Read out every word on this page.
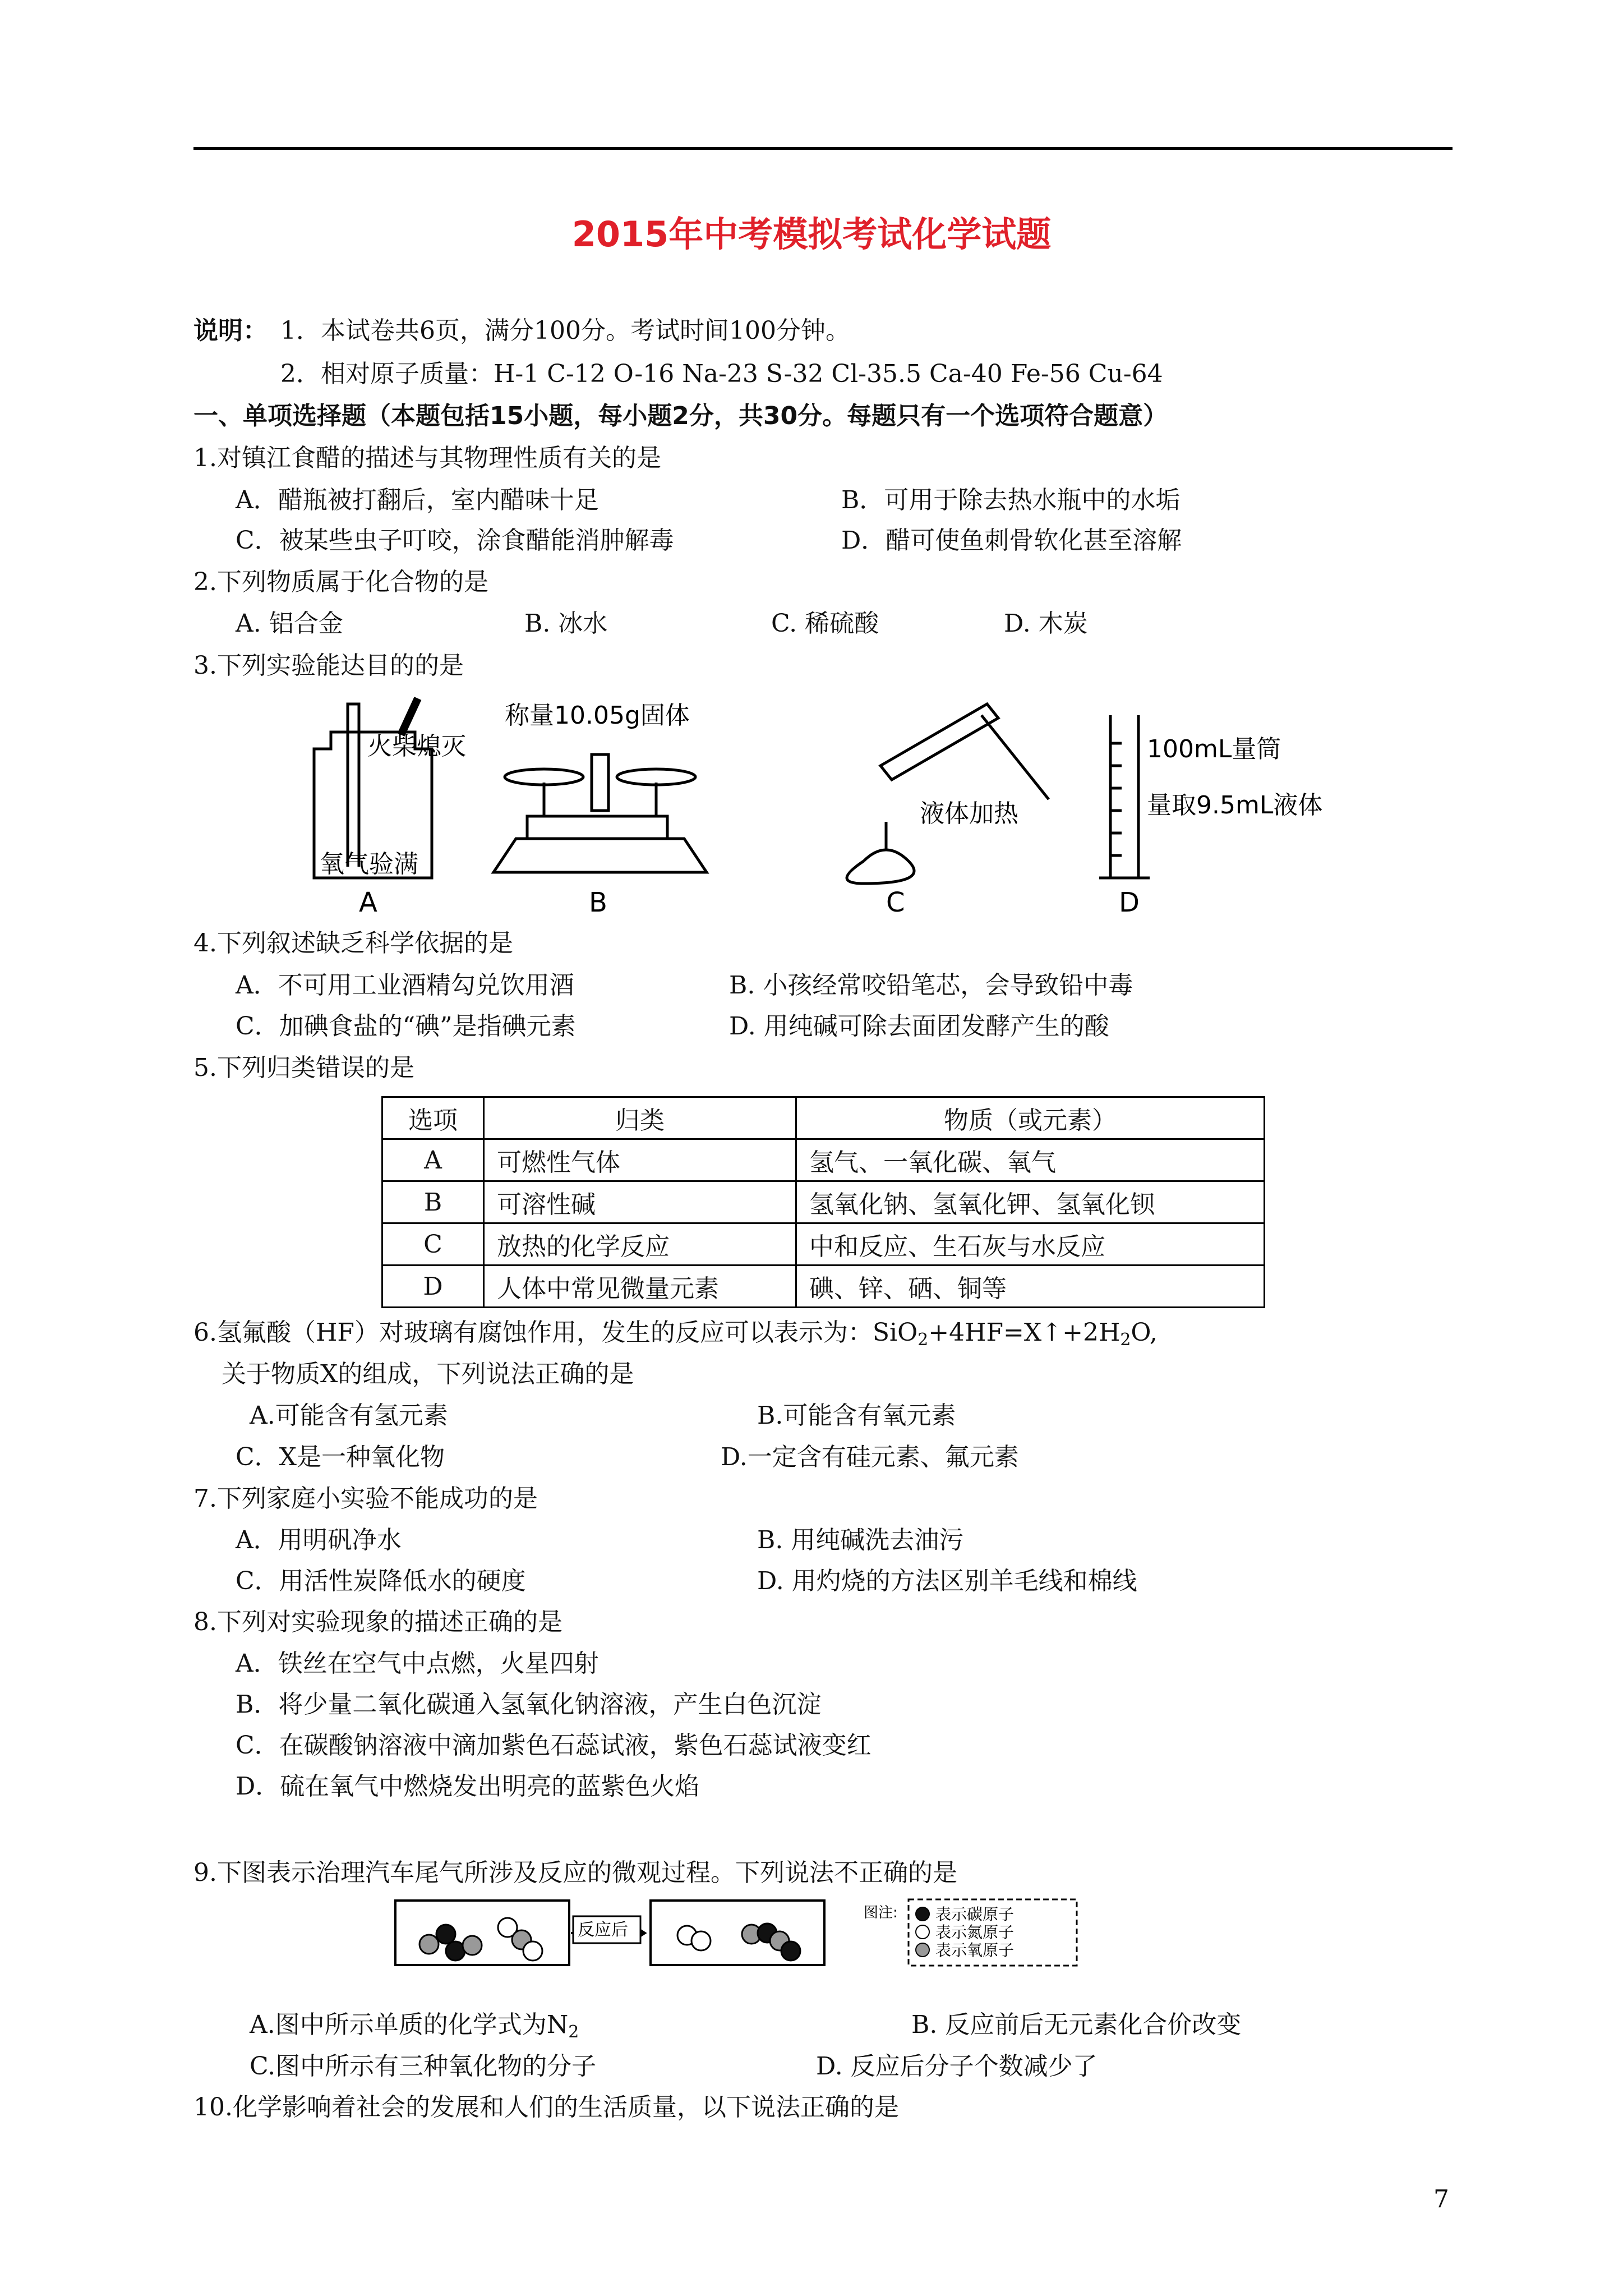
2015年中考模拟考试化学试题
说明： 1．本试卷共6页，满分100分。考试时间100分钟。
2．相对原子质量：H-1 C-12 O-16 Na-23 S-32 Cl-35.5 Ca-40 Fe-56 Cu-64
一、单项选择题（本题包括15小题，每小题2分，共30分。每题只有一个选项符合题意）
1.对镇江食醋的描述与其物理性质有关的是
A．醋瓶被打翻后，室内醋味十足	B．可用于除去热水瓶中的水垢
C．被某些虫子叮咬，涂食醋能消肿解毒	D．醋可使鱼刺骨软化甚至溶解
2.下列物质属于化合物的是
A. 铝合金	B. 冰水	C. 稀硫酸	D. 木炭
3.下列实验能达目的的是
火柴熄灭
氧气验满
A
称量10.05g固体
B
液体加热
C
100mL量筒
量取9.5mL液体
D
4.下列叙述缺乏科学依据的是
A．不可用工业酒精勾兑饮用酒	B. 小孩经常咬铅笔芯，会导致铅中毒
C．加碘食盐的“碘”是指碘元素	D. 用纯碱可除去面团发酵产生的酸
5.下列归类错误的是
选项	归类	物质（或元素）
A	可燃性气体	氢气、一氧化碳、氧气
B	可溶性碱	氢氧化钠、氢氧化钾、氢氧化钡
C	放热的化学反应	中和反应、生石灰与水反应
D	人体中常见微量元素	碘、锌、硒、铜等
6.氢氟酸（HF）对玻璃有腐蚀作用，发生的反应可以表示为：$SiO_2+4HF=X↑+2H_2O$,
关于物质X的组成，下列说法正确的是
A.可能含有氢元素	B.可能含有氧元素
C．X是一种氧化物	D.一定含有硅元素、氟元素
7.下列家庭小实验不能成功的是
A．用明矾净水	B. 用纯碱洗去油污
C．用活性炭降低水的硬度	D. 用灼烧的方法区别羊毛线和棉线
8.下列对实验现象的描述正确的是
A．铁丝在空气中点燃，火星四射
B．将少量二氧化碳通入氢氧化钠溶液，产生白色沉淀
C．在碳酸钠溶液中滴加紫色石蕊试液，紫色石蕊试液变红
D．硫在氧气中燃烧发出明亮的蓝紫色火焰
9.下图表示治理汽车尾气所涉及反应的微观过程。下列说法不正确的是
反应后
图注: 表示碳原子
表示氮原子
表示氧原子
A.图中所示单质的化学式为$N_2$	B. 反应前后无元素化合价改变
C.图中所示有三种氧化物的分子	D. 反应后分子个数减少了
10.化学影响着社会的发展和人们的生活质量，以下说法正确的是
7
